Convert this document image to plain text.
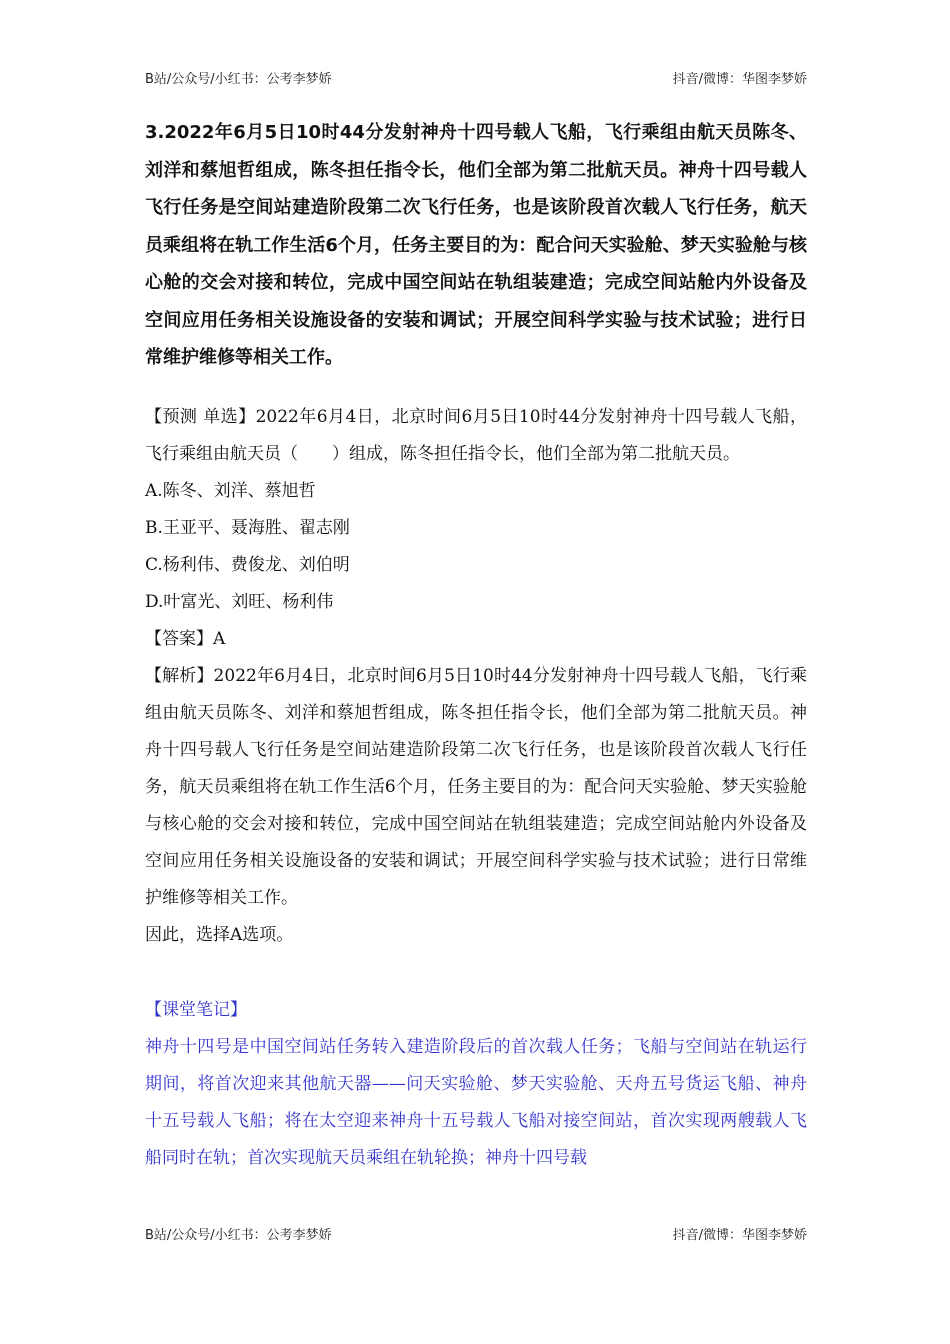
B站/公众号/小红书：公考李梦娇	抖音/微博：华图李梦娇

3.2022年6月5日10时44分发射神舟十四号载人飞船，飞行乘组由航天员陈冬、刘洋和蔡旭哲组成，陈冬担任指令长，他们全部为第二批航天员。神舟十四号载人飞行任务是空间站建造阶段第二次飞行任务，也是该阶段首次载人飞行任务，航天员乘组将在轨工作生活6个月，任务主要目的为：配合问天实验舱、梦天实验舱与核心舱的交会对接和转位，完成中国空间站在轨组装建造；完成空间站舱内外设备及空间应用任务相关设施设备的安装和调试；开展空间科学实验与技术试验；进行日常维护维修等相关工作。

【预测 单选】2022年6月4日，北京时间6月5日10时44分发射神舟十四号载人飞船，飞行乘组由航天员（　　）组成，陈冬担任指令长，他们全部为第二批航天员。

A.陈冬、刘洋、蔡旭哲
B.王亚平、聂海胜、翟志刚
C.杨利伟、费俊龙、刘伯明
D.叶富光、刘旺、杨利伟

【答案】A

【解析】2022年6月4日，北京时间6月5日10时44分发射神舟十四号载人飞船，飞行乘组由航天员陈冬、刘洋和蔡旭哲组成，陈冬担任指令长，他们全部为第二批航天员。神舟十四号载人飞行任务是空间站建造阶段第二次飞行任务，也是该阶段首次载人飞行任务，航天员乘组将在轨工作生活6个月，任务主要目的为：配合问天实验舱、梦天实验舱与核心舱的交会对接和转位，完成中国空间站在轨组装建造；完成空间站舱内外设备及空间应用任务相关设施设备的安装和调试；开展空间科学实验与技术试验；进行日常维护维修等相关工作。

因此，选择A选项。

【课堂笔记】

神舟十四号是中国空间站任务转入建造阶段后的首次载人任务；飞船与空间站在轨运行期间，将首次迎来其他航天器——问天实验舱、梦天实验舱、天舟五号货运飞船、神舟十五号载人飞船；将在太空迎来神舟十五号载人飞船对接空间站，首次实现两艘载人飞船同时在轨；首次实现航天员乘组在轨轮换；神舟十四号载

B站/公众号/小红书：公考李梦娇	抖音/微博：华图李梦娇
